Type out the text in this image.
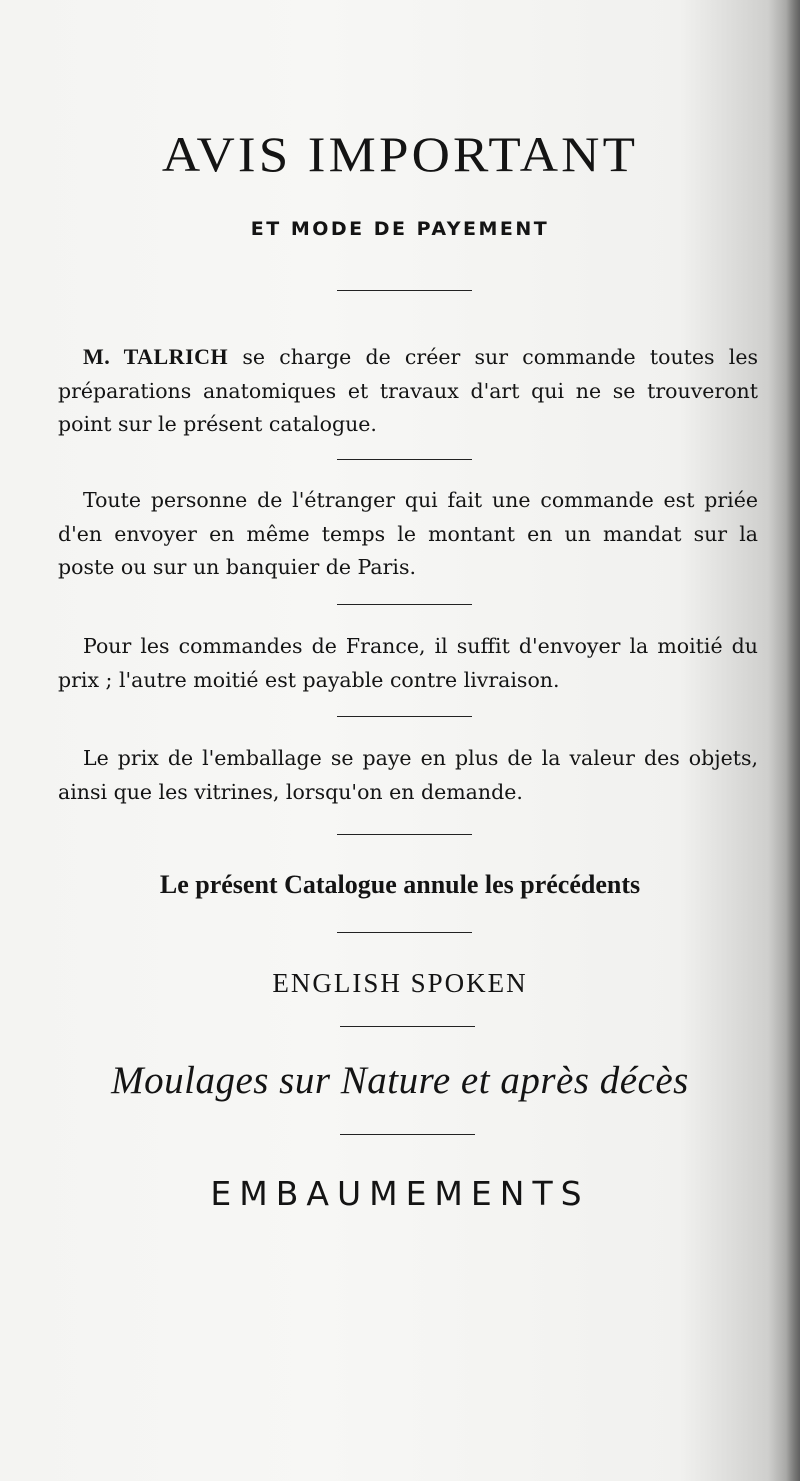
AVIS IMPORTANT
ET MODE DE PAYEMENT

M. TALRICH se charge de créer sur commande toutes les préparations anatomiques et travaux d'art qui ne se trouveront point sur le présent catalogue.

Toute personne de l'étranger qui fait une commande est priée d'en envoyer en même temps le montant en un mandat sur la poste ou sur un banquier de Paris.

Pour les commandes de France, il suffit d'envoyer la moitié du prix ; l'autre moitié est payable contre livraison.

Le prix de l'emballage se paye en plus de la valeur des objets, ainsi que les vitrines, lorsqu'on en demande.

Le présent Catalogue annule les précédents
ENGLISH SPOKEN
Moulages sur Nature et après décès
EMBAUMEMENTS
